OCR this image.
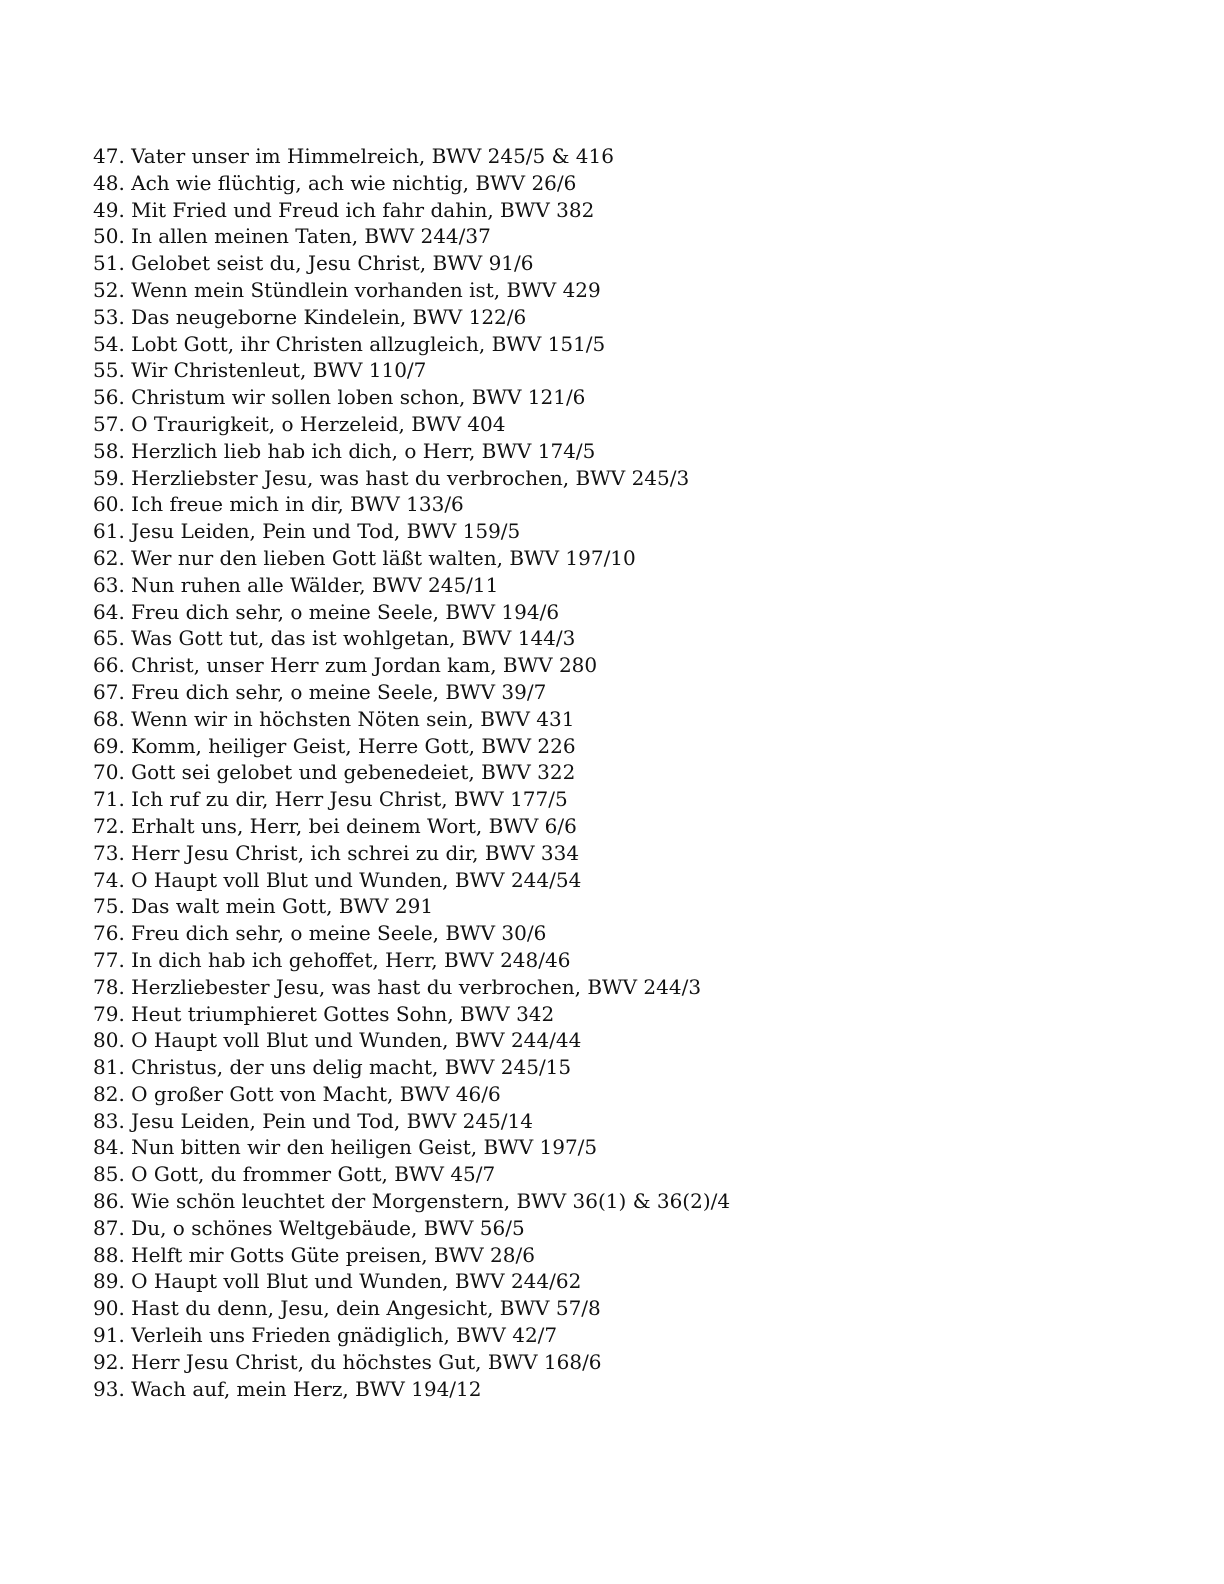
47. Vater unser im Himmelreich, BWV 245/5 & 416
48. Ach wie flüchtig, ach wie nichtig, BWV 26/6
49. Mit Fried und Freud ich fahr dahin, BWV 382
50. In allen meinen Taten, BWV 244/37
51. Gelobet seist du, Jesu Christ, BWV 91/6
52. Wenn mein Stündlein vorhanden ist, BWV 429
53. Das neugeborne Kindelein, BWV 122/6
54. Lobt Gott, ihr Christen allzugleich, BWV 151/5
55. Wir Christenleut, BWV 110/7
56. Christum wir sollen loben schon, BWV 121/6
57. O Traurigkeit, o Herzeleid, BWV 404
58. Herzlich lieb hab ich dich, o Herr, BWV 174/5
59. Herzliebster Jesu, was hast du verbrochen, BWV 245/3
60. Ich freue mich in dir, BWV 133/6
61. Jesu Leiden, Pein und Tod, BWV 159/5
62. Wer nur den lieben Gott läßt walten, BWV 197/10
63. Nun ruhen alle Wälder, BWV 245/11
64. Freu dich sehr, o meine Seele, BWV 194/6
65. Was Gott tut, das ist wohlgetan, BWV 144/3
66. Christ, unser Herr zum Jordan kam, BWV 280
67. Freu dich sehr, o meine Seele, BWV 39/7
68. Wenn wir in höchsten Nöten sein, BWV 431
69. Komm, heiliger Geist, Herre Gott, BWV 226
70. Gott sei gelobet und gebenedeiet, BWV 322
71. Ich ruf zu dir, Herr Jesu Christ, BWV 177/5
72. Erhalt uns, Herr, bei deinem Wort, BWV 6/6
73. Herr Jesu Christ, ich schrei zu dir, BWV 334
74. O Haupt voll Blut und Wunden, BWV 244/54
75. Das walt mein Gott, BWV 291
76. Freu dich sehr, o meine Seele, BWV 30/6
77. In dich hab ich gehoffet, Herr, BWV 248/46
78. Herzliebester Jesu, was hast du verbrochen, BWV 244/3
79. Heut triumphieret Gottes Sohn, BWV 342
80. O Haupt voll Blut und Wunden, BWV 244/44
81. Christus, der uns delig macht, BWV 245/15
82. O großer Gott von Macht, BWV 46/6
83. Jesu Leiden, Pein und Tod, BWV 245/14
84. Nun bitten wir den heiligen Geist, BWV 197/5
85. O Gott, du frommer Gott, BWV 45/7
86. Wie schön leuchtet der Morgenstern, BWV 36(1) & 36(2)/4
87. Du, o schönes Weltgebäude, BWV 56/5
88. Helft mir Gotts Güte preisen, BWV 28/6
89. O Haupt voll Blut und Wunden, BWV 244/62
90. Hast du denn, Jesu, dein Angesicht, BWV 57/8
91. Verleih uns Frieden gnädiglich, BWV 42/7
92. Herr Jesu Christ, du höchstes Gut, BWV 168/6
93. Wach auf, mein Herz, BWV 194/12
